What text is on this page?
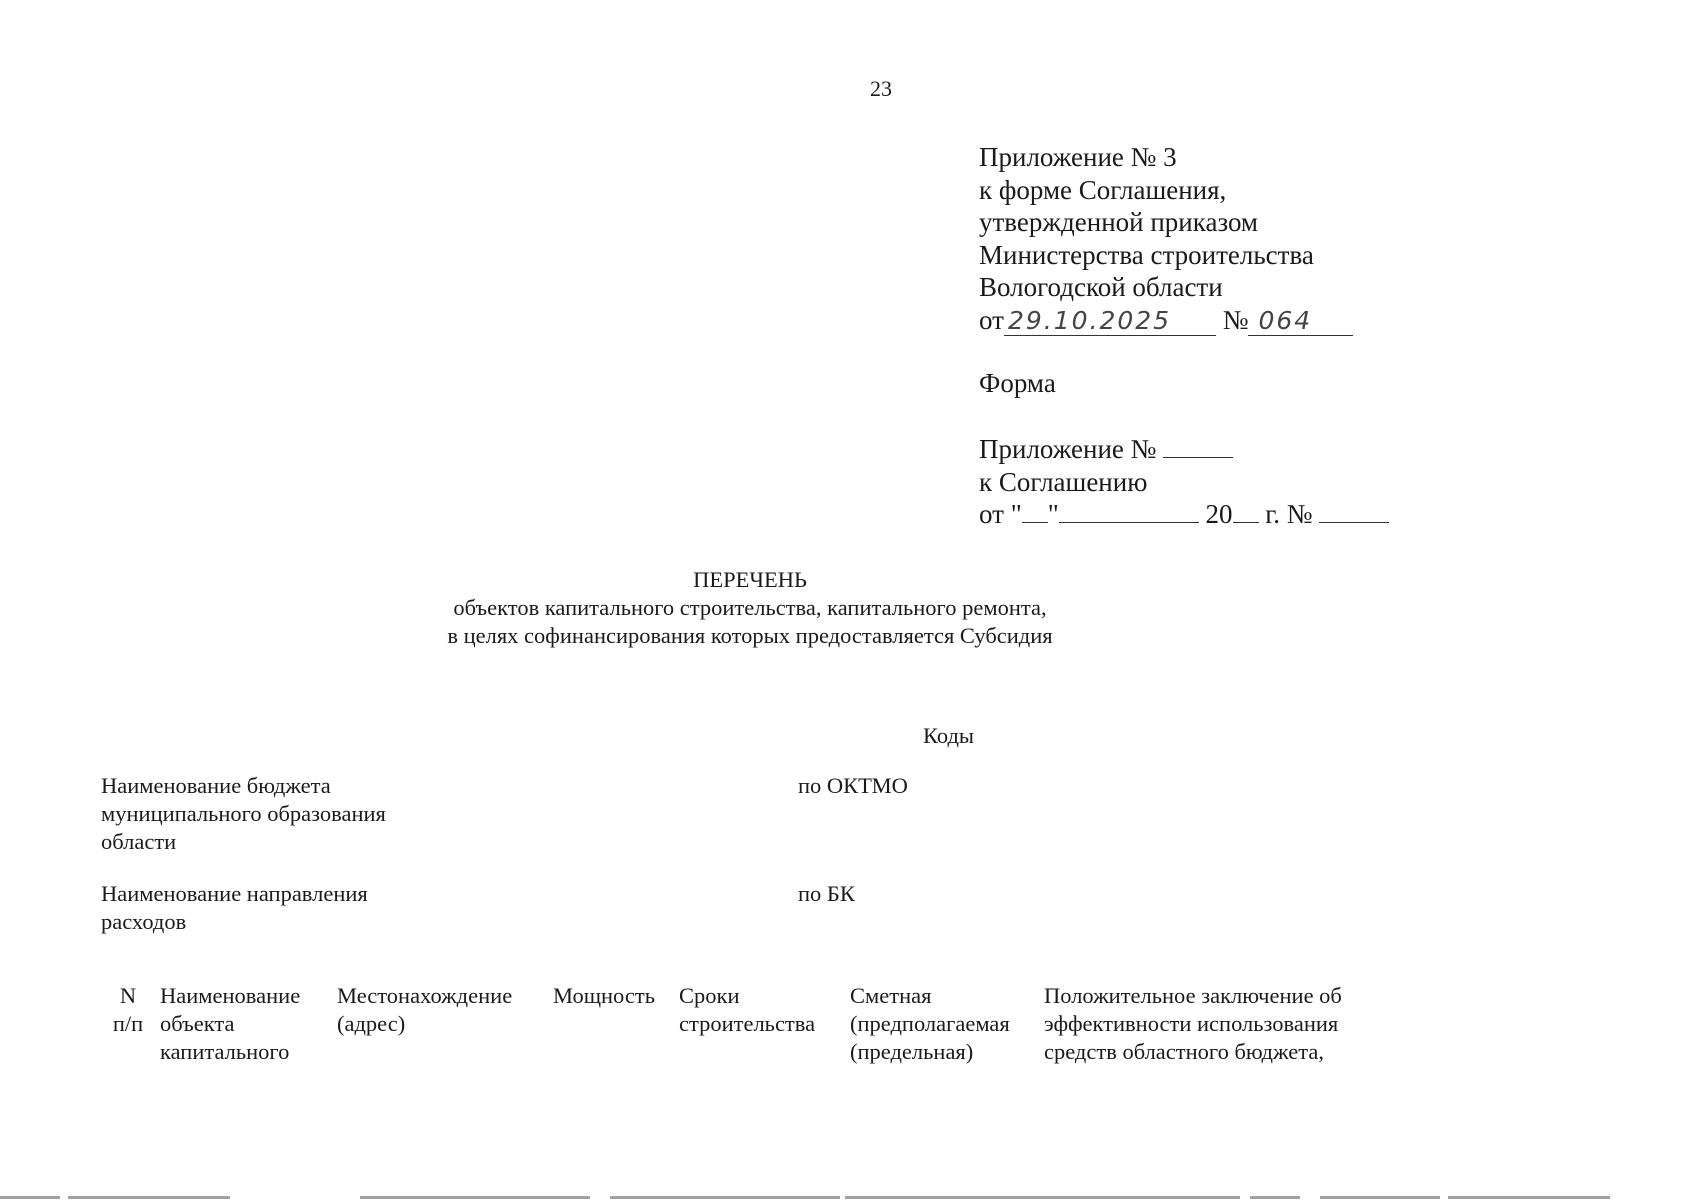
23
Приложение № 3
к форме Соглашения,
утвержденной приказом
Министерства строительства
Вологодской области
от 29.10.2025 № 064
Форма
Приложение №
к Соглашению
от " "	20 г. №
ПЕРЕЧЕНЬ
объектов капитального строительства, капитального ремонта,
в целях софинансирования которых предоставляется Субсидия
Коды
Наименование бюджета муниципального образования области
по ОКТМО
Наименование направления расходов
по БК
N п/п
Наименование объекта капитального
Местонахождение (адрес)
Мощность	Сроки строительства
Сметная (предполагаемая (предельная)
Положительное заключение об эффективности использования средств областного бюджета,
